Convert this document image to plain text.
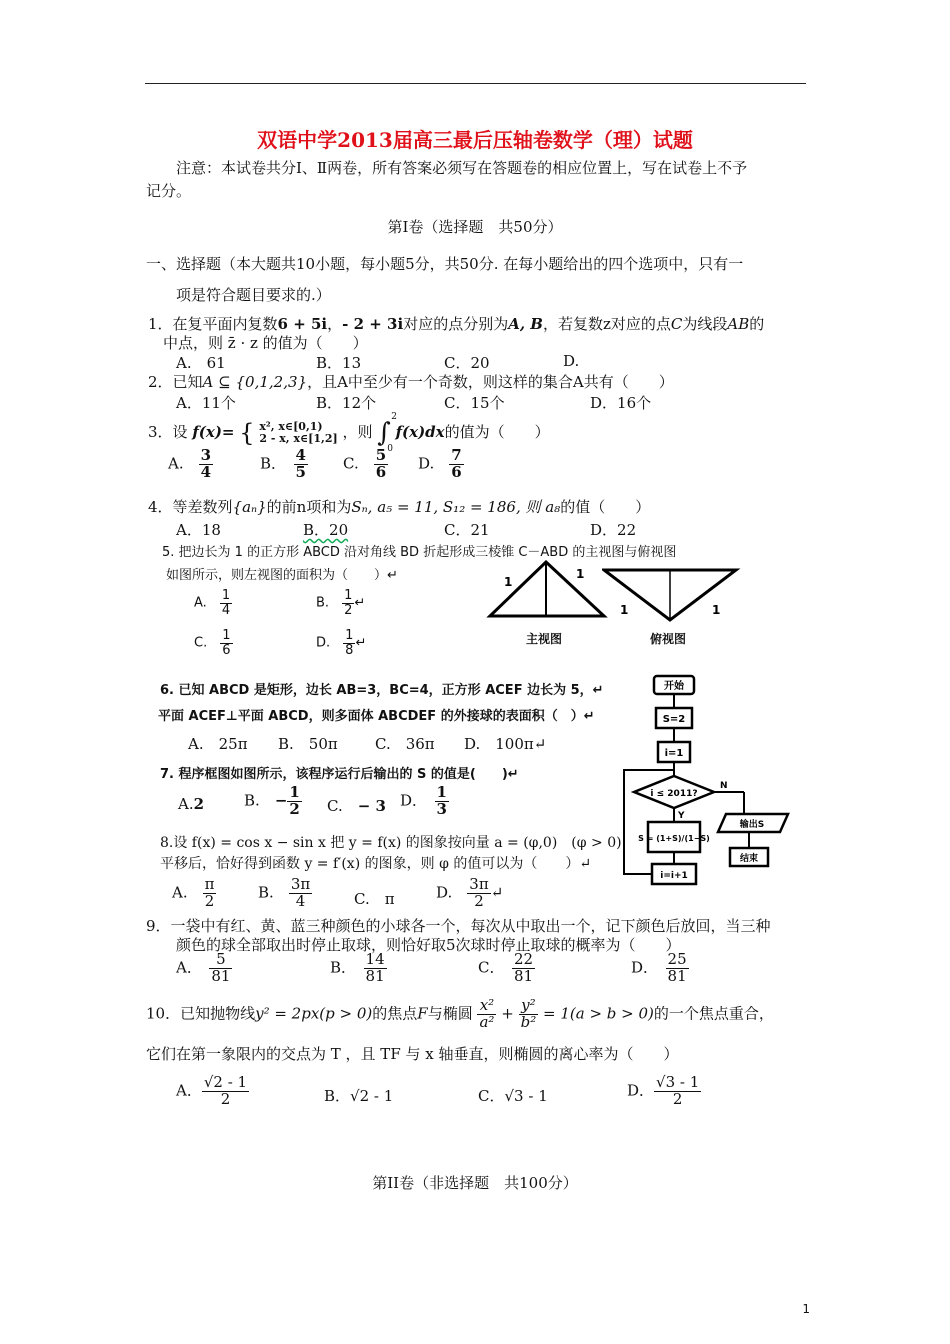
双语中学2013届高三最后压轴卷数学（理）试题
注意：本试卷共分Ⅰ、Ⅱ两卷，所有答案必须写在答题卷的相应位置上，写在试卷上不予
记分。
第Ⅰ卷（选择题　共50分）
一、选择题（本大题共10小题，每小题5分，共50分. 在每小题给出的四个选项中，只有一
项是符合题目要求的.）
1．在复平面内复数6 + 5i，- 2 + 3i对应的点分别为A, B，若复数z对应的点C为线段AB的
中点，则 z̄ · z 的值为（　　）
A.　61	B．13	C．20	D.
2．已知A ⊆ {0,1,2,3}，且A中至少有一个奇数，则这样的集合A共有（　　）
A．11个	B．12个	C．15个	D．16个
3．设 f(x)= { x², x∈[0,1)
2 - x, x∈[1,2] ，则 ∫
2
0
f(x)dx的值为（　　）
A.　 $\frac{3}{4}$	B．　 $\frac{4}{5} C$.　 $\frac{5}{6} D$.　 $\frac{7}{6}$
4．等差数列{aₙ}的前n项和为Sₙ, a₅ = 11, S₁₂ = 186, 则 a₈的值（　　）
A．18	B．20	C．21	D．22
5. 把边长为 1 的正方形 ABCD 沿对角线 BD 折起形成三棱锥 C－ABD 的主视图与俯视图
如图所示，则左视图的面积为（　　）↵
A.　 $\frac{1}{4}$	B.　 $\frac{1}{2}$ ↵
C.　 $\frac{1}{6}$	D.　 $\frac{1}{8}$ ↵
1
1
主视图
1	1
俯视图
6. 已知 ABCD 是矩形，边长 AB=3，BC=4，正方形 ACEF 边长为 5，↵
平面 ACEF⊥平面 ABCD，则多面体 ABCDEF 的外接球的表面积（　）↵
A.　25π B.　50π C.　36π D.　100π↵
7. 程序框图如图所示，该程序运行后输出的 S 的值是(　　)↵
A.2	B.　 − $\frac{1}{2} C$.　 − 3 D．　 $\frac{1}{3}$
开始
S=2
i=1
i ≤ 2011?
N
输出S
结束
Y
S = (1+S)/(1−S)
i=i+1
8.设 f(x) = cos x − sin x 把 y = f(x) 的图象按向量 a = (φ,0)　(φ > 0)
平移后，恰好得到函数 y = f′(x) 的图象，则 φ 的值可以为（　　）↵
A.　 $\frac{\pi}{2}$	B.　 $\frac{3\pi}{4}$	C.　π	D.　 $\frac{3\pi}{2}$ ↵
9．一袋中有红、黄、蓝三种颜色的小球各一个，每次从中取出一个，记下颜色后放回，当三种
颜色的球全部取出时停止取球，则恰好取5次球时停止取球的概率为（　　）
A．　 $\frac{5}{81}$	B．　 $\frac{14}{81}$	C．　 $\frac{22}{81}$	D．　 $\frac{25}{81}$
10．已知抛物线y² = 2px(p > 0)的焦点F与椭圆 $\frac{\text{x²}}{\text{a²}} + \frac{\text{y²}}{\text{b²}} = 1(a > b > 0)$的一个焦点重合，
它们在第一象限内的交点为 T ，且 TF 与 x 轴垂直，则椭圆的离心率为（　　）
A． $\frac{√2 - 1}{2}$	B．√2 - 1	C．√3 - 1	D． $\frac{√3 - 1}{2}$
第II卷（非选择题　共100分）
1
